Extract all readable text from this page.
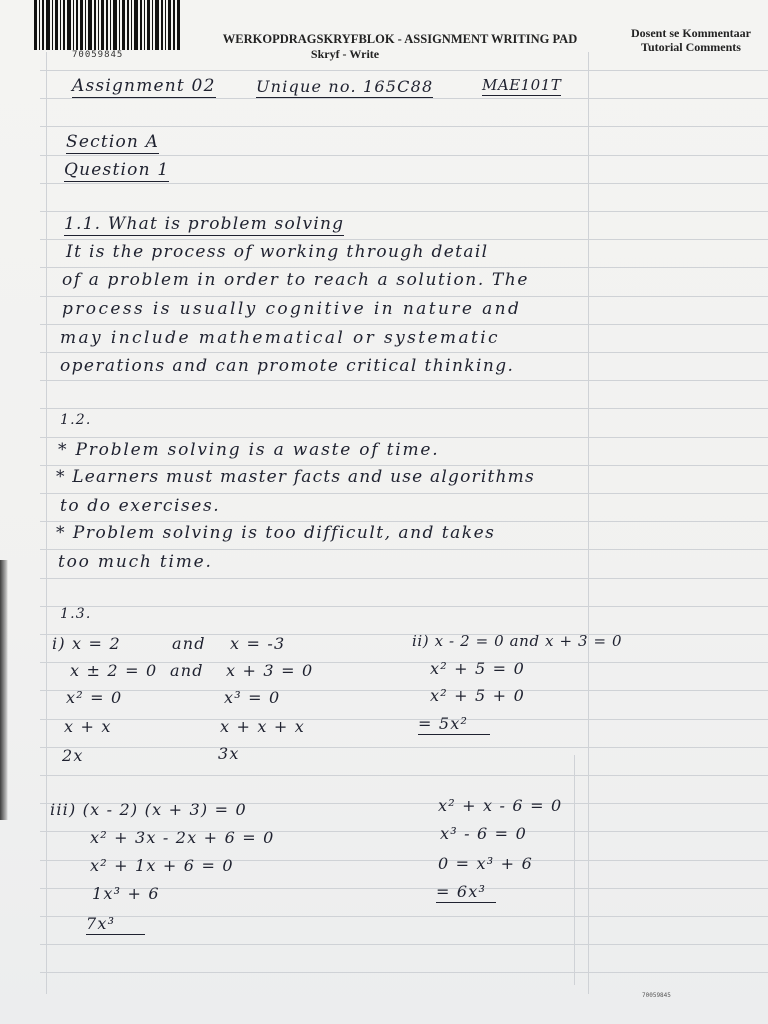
70059845
WERKOPDRAGSKRYFBLOK - ASSIGNMENT WRITING PAD
Skryf - Write
Dosent se Kommentaar
Tutorial Comments
Assignment 02	Unique no. 165C88	MAE101T
Section A
Question 1
1.1. What is problem solving
It is the process of working through detail
of a problem in order to reach a solution. The
process is usually cognitive in nature and
may include mathematical or systematic
operations and can promote critical thinking.
1.2.
* Problem solving is a waste of time.
* Learners must master facts and use algorithms
to do exercises.
* Problem solving is too difficult, and takes
too much time.
1.3.
i) x = 2	and x = -3
x ± 2 = 0 and x + 3 = 0
x² = 0	x³ = 0
x + x	x + x + x
2x	3x
ii) x - 2 = 0 and x + 3 = 0
x² + 5 = 0
x² + 5 + 0
= 5x²
iii) (x - 2) (x + 3) = 0
x² + 3x - 2x + 6 = 0
x² + 1x + 6 = 0
1x³ + 6
7x³
x² + x - 6 = 0
x³ - 6 = 0
0 = x³ + 6
= 6x³
70059845
